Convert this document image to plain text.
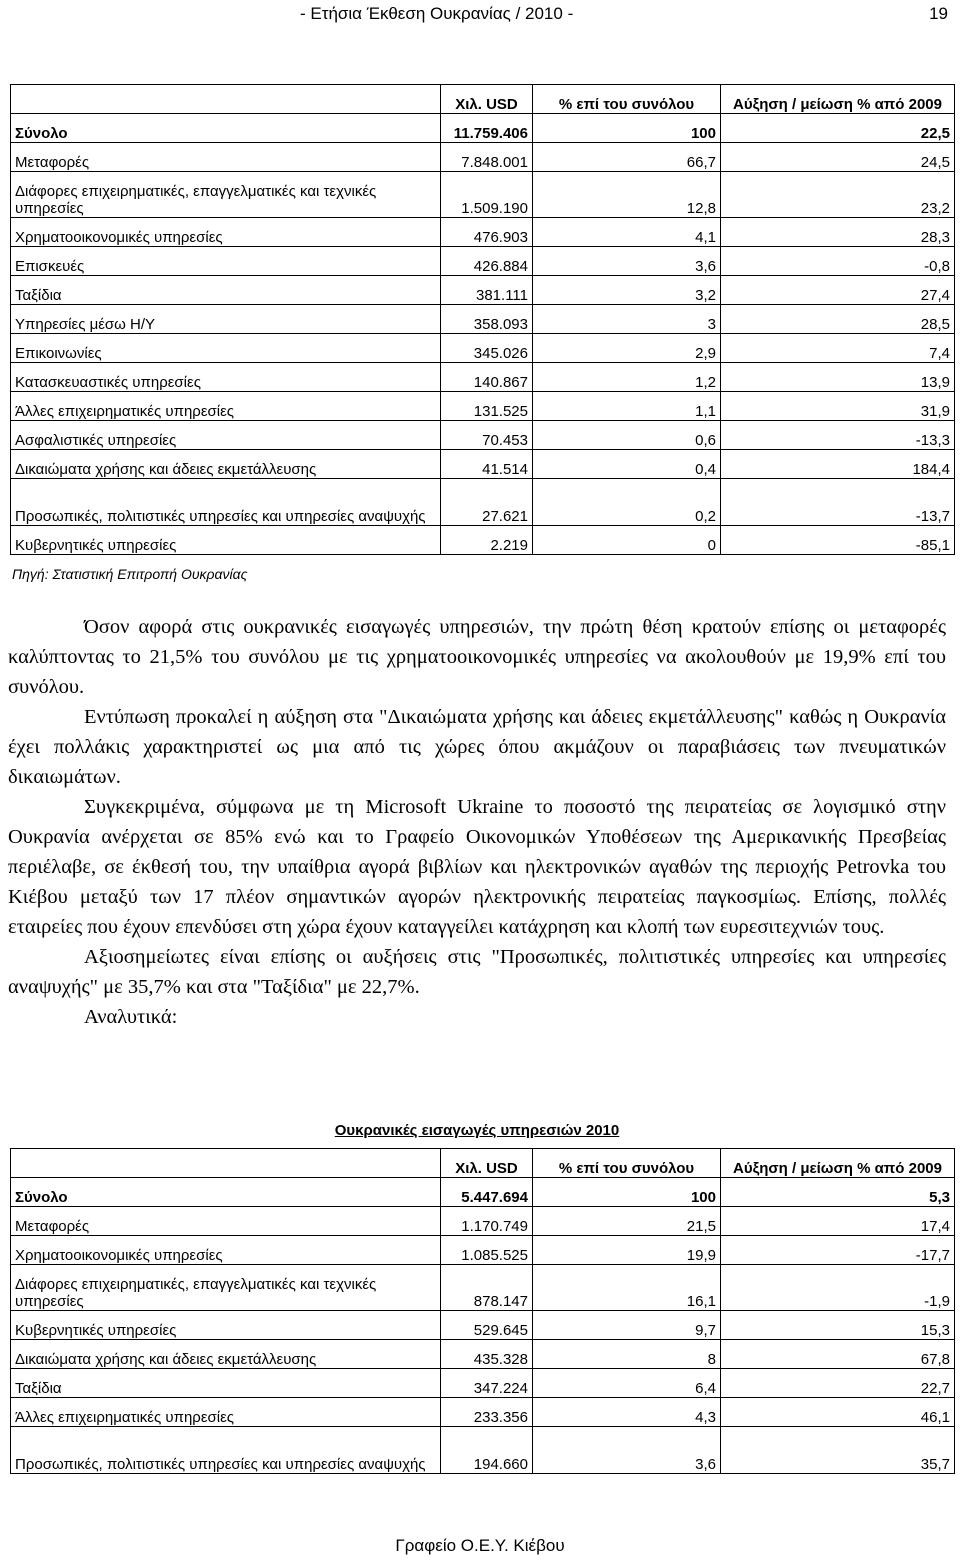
- Ετήσια Έκθεση Ουκρανίας / 2010 -	19
	Χιλ. USD	% επί του συνόλου	Αύξηση / μείωση % από 2009
Σύνολο	11.759.406	100	22,5
Μεταφορές	7.848.001	66,7	24,5
Διάφορες επιχειρηματικές, επαγγελματικές και τεχνικές υπηρεσίες	1.509.190	12,8	23,2
Χρηματοοικονομικές υπηρεσίες	476.903	4,1	28,3
Επισκευές	426.884	3,6	-0,8
Ταξίδια	381.111	3,2	27,4
Υπηρεσίες μέσω Η/Υ	358.093	3	28,5
Επικοινωνίες	345.026	2,9	7,4
Κατασκευαστικές υπηρεσίες	140.867	1,2	13,9
Άλλες επιχειρηματικές υπηρεσίες	131.525	1,1	31,9
Ασφαλιστικές υπηρεσίες	70.453	0,6	-13,3
Δικαιώματα χρήσης και άδειες εκμετάλλευσης	41.514	0,4	184,4
Προσωπικές, πολιτιστικές υπηρεσίες και υπηρεσίες αναψυχής	27.621	0,2	-13,7
Κυβερνητικές υπηρεσίες	2.219	0	-85,1
Πηγή: Στατιστική Επιτροπή Ουκρανίας

Όσον αφορά στις ουκρανικές εισαγωγές υπηρεσιών, την πρώτη θέση κρατούν επίσης οι μεταφορές καλύπτοντας το 21,5% του συνόλου με τις χρηματοοικονομικές υπηρεσίες να ακολουθούν με 19,9% επί του συνόλου.

Εντύπωση προκαλεί η αύξηση στα "Δικαιώματα χρήσης και άδειες εκμετάλλευσης" καθώς η Ουκρανία έχει πολλάκις χαρακτηριστεί ως μια από τις χώρες όπου ακμάζουν οι παραβιάσεις των πνευματικών δικαιωμάτων.

Συγκεκριμένα, σύμφωνα με τη Microsoft Ukraine το ποσοστό της πειρατείας σε λογισμικό στην Ουκρανία ανέρχεται σε 85% ενώ και το Γραφείο Οικονομικών Υποθέσεων της Αμερικανικής Πρεσβείας περιέλαβε, σε έκθεσή του, την υπαίθρια αγορά βιβλίων και ηλεκτρονικών αγαθών της περιοχής Petrovka του Κιέβου μεταξύ των 17 πλέον σημαντικών αγορών ηλεκτρονικής πειρατείας παγκοσμίως. Επίσης, πολλές εταιρείες που έχουν επενδύσει στη χώρα έχουν καταγγείλει κατάχρηση και κλοπή των ευρεσιτεχνιών τους.

Αξιοσημείωτες είναι επίσης οι αυξήσεις στις "Προσωπικές, πολιτιστικές υπηρεσίες και υπηρεσίες αναψυχής" με 35,7% και στα "Ταξίδια" με 22,7%.

Αναλυτικά:

Ουκρανικές εισαγωγές υπηρεσιών 2010
	Χιλ. USD	% επί του συνόλου	Αύξηση / μείωση % από 2009
Σύνολο	5.447.694	100	5,3
Μεταφορές	1.170.749	21,5	17,4
Χρηματοοικονομικές υπηρεσίες	1.085.525	19,9	-17,7
Διάφορες επιχειρηματικές, επαγγελματικές και τεχνικές υπηρεσίες	878.147	16,1	-1,9
Κυβερνητικές υπηρεσίες	529.645	9,7	15,3
Δικαιώματα χρήσης και άδειες εκμετάλλευσης	435.328	8	67,8
Ταξίδια	347.224	6,4	22,7
Άλλες επιχειρηματικές υπηρεσίες	233.356	4,3	46,1
Προσωπικές, πολιτιστικές υπηρεσίες και υπηρεσίες αναψυχής	194.660	3,6	35,7
Γραφείο Ο.Ε.Υ. Κιέβου
